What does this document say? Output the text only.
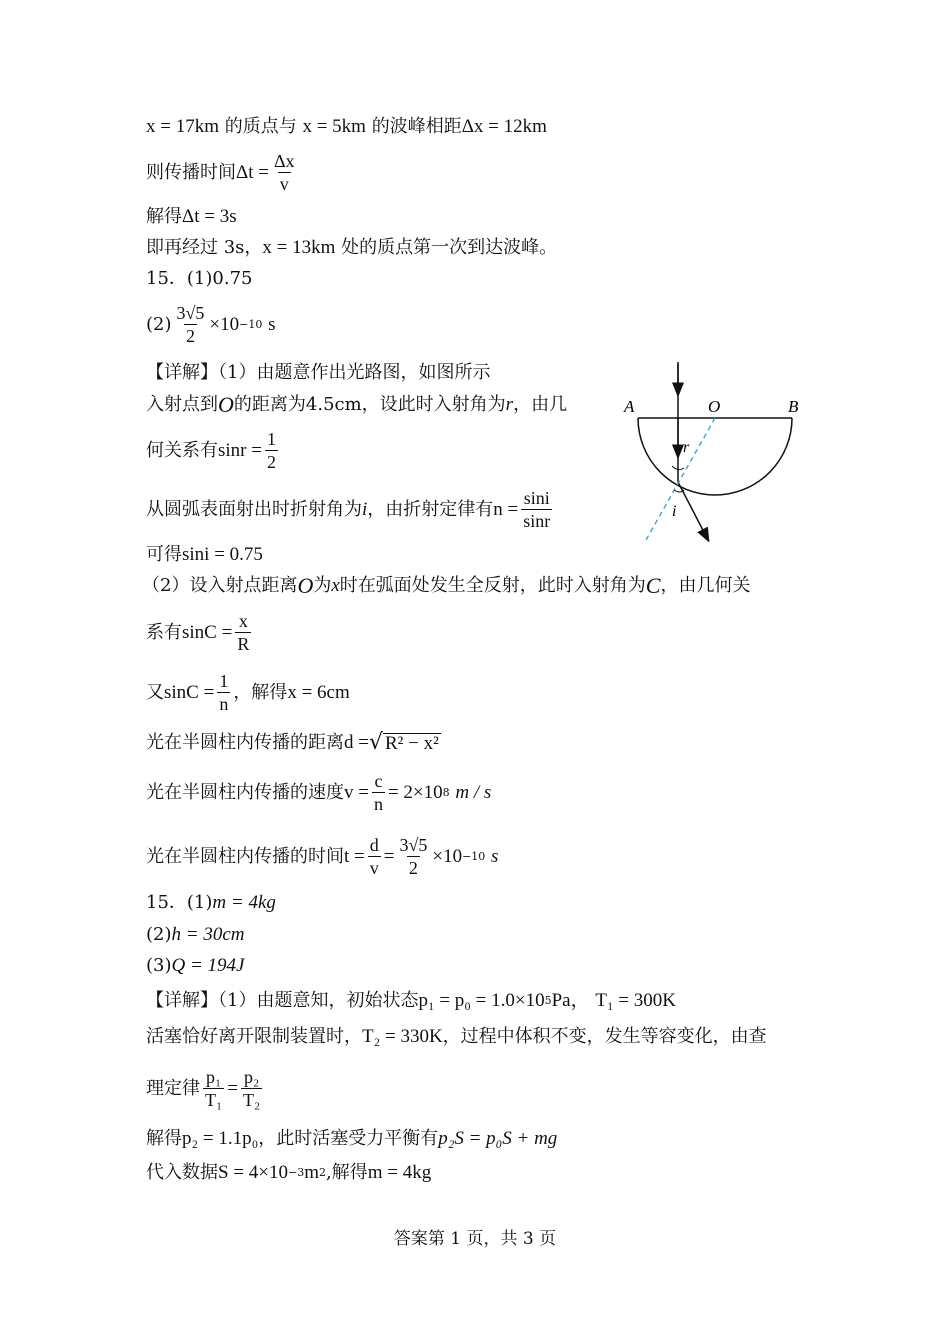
x = 17km
的质点与
x = 5km
的波峰相距 Δx = 12km
则传播时间 $\Delta t = \frac{\Delta x}{v}$
解得 Δt = 3s
即再经过 3s， x = 13km
处的质点第一次到达波峰。
15．(1)0.75
$(2) \frac{3√5}{2} \times 10 -10$
s
【详解】（1）由题意作出光路图，如图所示
入射点到 O 的距离为4.5cm，设此时入射角为 r ，由几
何关系有 $\sin r = \frac{1}{2}$
从圆弧表面射出时折射角为 i ，由折射定律有 $n = \frac{\sin i}{\sin r}$
可得 sini = 0.75
（2）设入射点距离 O 为 x 时在弧面处发生全反射，此时入射角为 C ，由几何关
系有 $\sin C = \frac{x}{R}$
又 $\sin C = \frac{1}{n}$ ，解得 x = 6cm
光在半圆柱内传播的距离 d = √ R² − x²
光在半圆柱内传播的速度 $v = \frac{c}{n} = 2\times 10$ 8
m / s
光在半圆柱内传播的时间 $t = \frac{d}{v} = \frac{3√5}{2} \times 10 -10$
s
15．(1) m = 4kg
(2) h = 30cm
(3) Q = 194J
【详解】（1）由题意知，初始状态 p₁ = p₀ = 1.0×10 5 Pa，
T₁ = 300K
活塞恰好离开限制装置时， T₂ = 330K ，过程中体积不变，发生等容变化，由查
理定律 $\frac{\text{p₁}}{\text{T₁}} = \frac{\text{p₂}}{\text{T₂}}$
解得 p₂ = 1.1p₀ ，此时活塞受力平衡有 p₂S = p₀S + mg
代入数据 S = 4×10 −3 m 2 ,解得 m = 4kg
A	O	B
r
i
答案第 1 页，共 3 页
